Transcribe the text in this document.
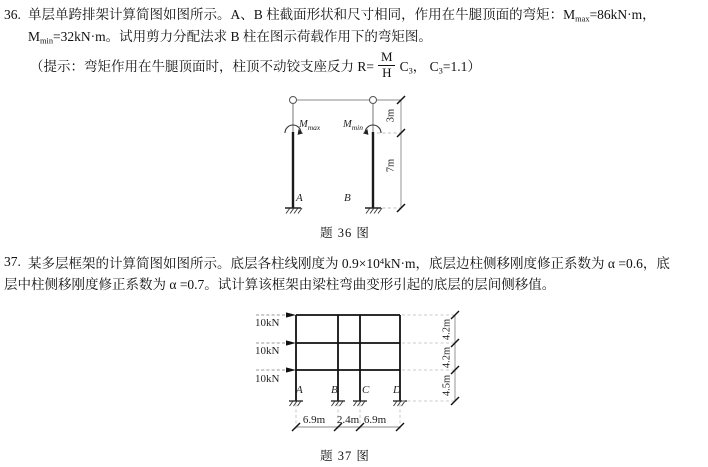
36. 单层单跨排架计算简图如图所示。A、B 柱截面形状和尺寸相同，作用在牛腿顶面的弯矩：$M_{max}=86kN\cdot m$，
$M_{min}=32kN\cdot m$。试用剪力分配法求 B 柱在图示荷载作用下的弯矩图。
（提示：弯矩作用在牛腿顶面时，柱顶不动铰支座反力 $R= \frac{M}{H} C_3$， $C_3=1.1$）
$M_{max}$ $M_{min}$
3m
7m
A	B
题 36 图
37. 某多层框架的计算简图如图所示。底层各柱线刚度为 $0.9\times 10^4kN\cdot m$，底层边柱侧移刚度修正系数为 α =0.6，底
层中柱侧移刚度修正系数为 α =0.7。试计算该框架由梁柱弯曲变形引起的底层的层间侧移值。
10kN
10kN
10kN
A	B C D
6.9m	2.4m 6.9m
4.2m
4.2m
4.5m
题 37 图
